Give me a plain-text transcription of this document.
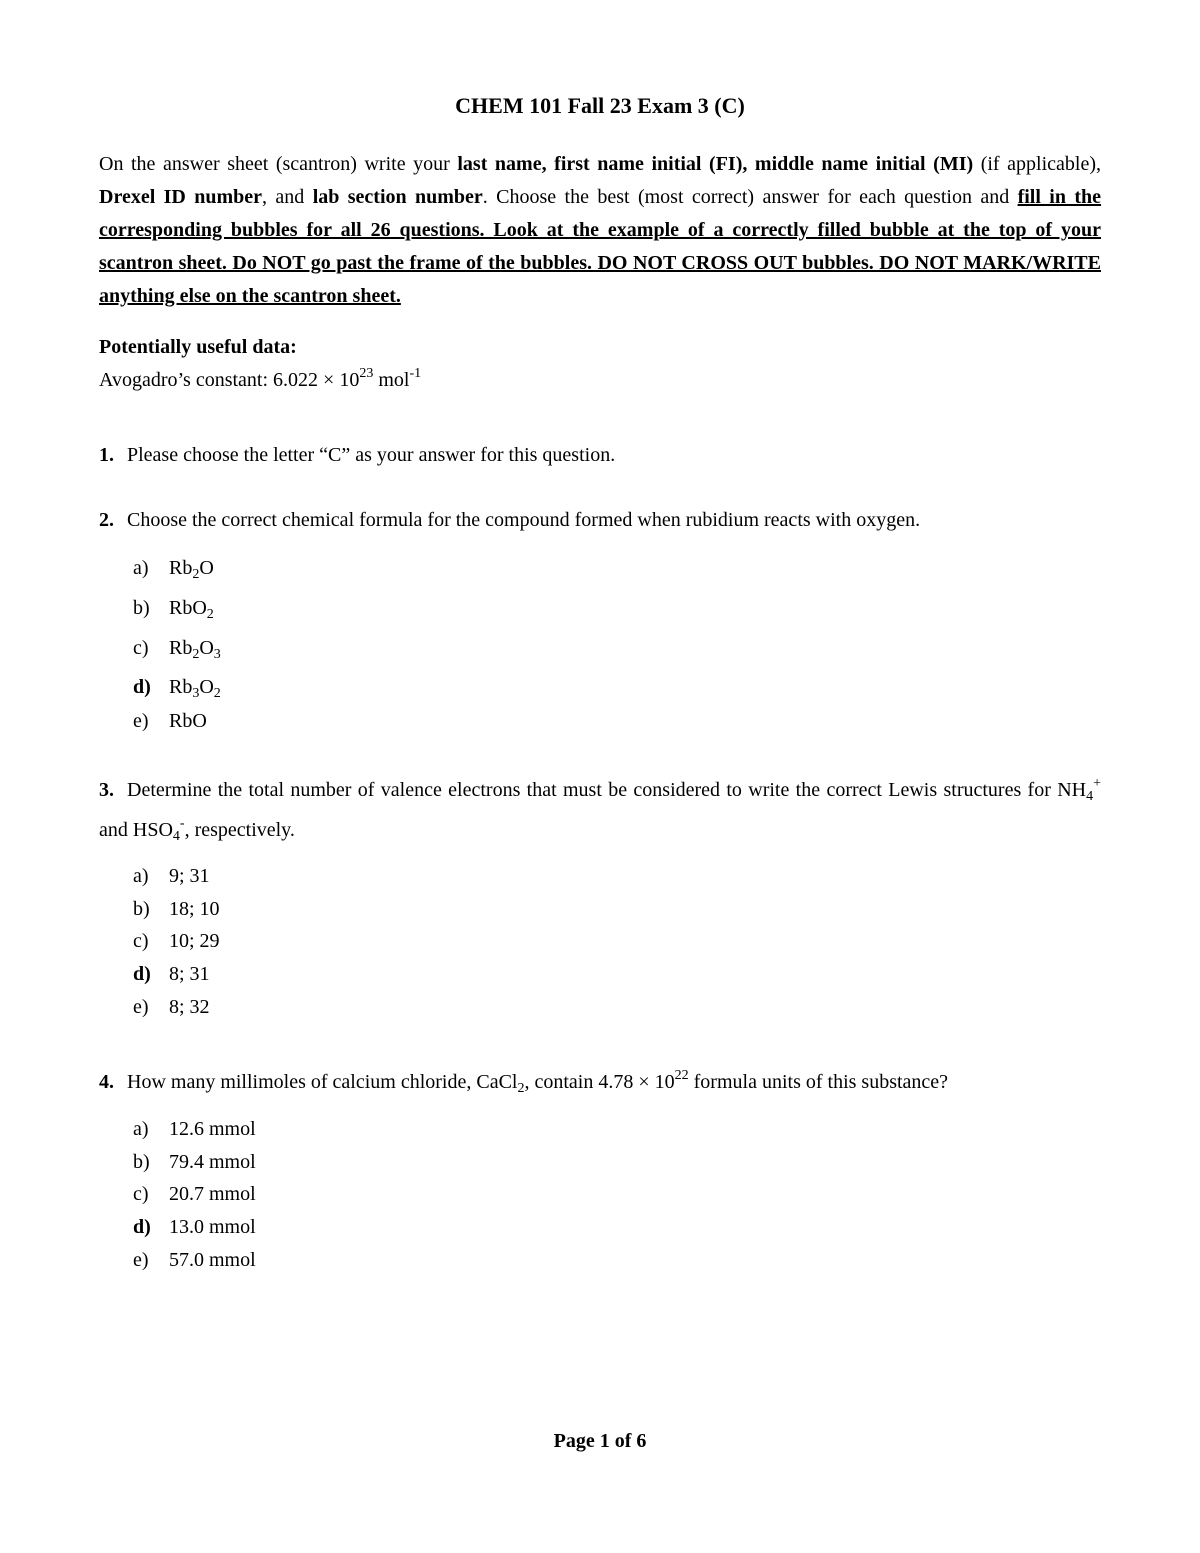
CHEM 101 Fall 23 Exam 3 (C)

On the answer sheet (scantron) write your last name, first name initial (FI), middle name initial (MI) (if applicable), Drexel ID number, and lab section number. Choose the best (most correct) answer for each question and fill in the corresponding bubbles for all 26 questions. Look at the example of a correctly filled bubble at the top of your scantron sheet. Do NOT go past the frame of the bubbles. DO NOT CROSS OUT bubbles. DO NOT MARK/WRITE anything else on the scantron sheet.

Potentially useful data:

Avogadro’s constant: $6.022 \times 10^{23}$ mol$^{-1}$

1. Please choose the letter “C” as your answer for this question.

2. Choose the correct chemical formula for the compound formed when rubidium reacts with oxygen.

a) $Rb_2O$

b) RbO$_2$

c) $Rb_2O_3$

d) $Rb_3O_2$

e) RbO

3. Determine the total number of valence electrons that must be considered to write the correct Lewis structures for $NH_4^+$ and $HSO_4^-$, respectively.

a) 9; 31

b) 18; 10

c) 10; 29

d) 8; 31

e) 8; 32

4. How many millimoles of calcium chloride, CaCl$_2$, contain $4.78 \times 10^{22}$ formula units of this substance?

a) 12.6 mmol

b) 79.4 mmol

c) 20.7 mmol

d) 13.0 mmol

e) 57.0 mmol

Page 1 of 6
